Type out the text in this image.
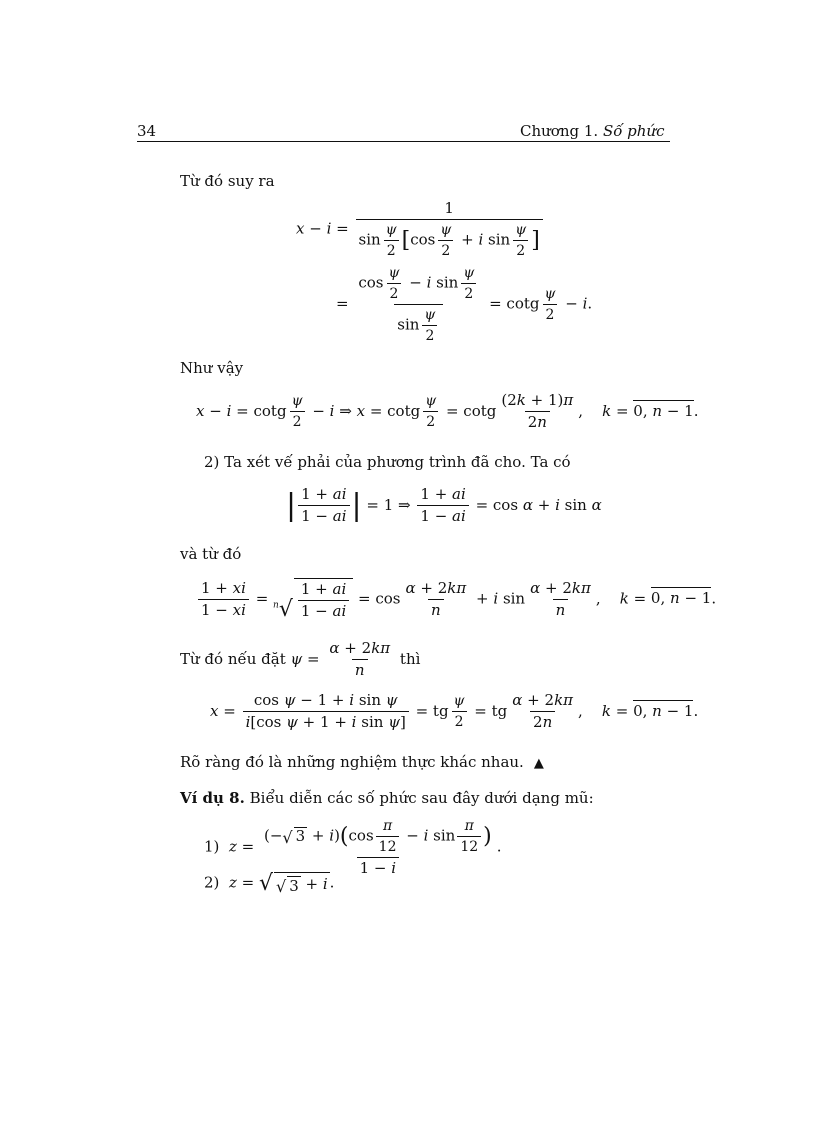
34	Chương 1. Số phức
Từ đó suy ra
$x - i = \frac{1}{\sin \frac{\psi}{2} [\cos \frac{\psi}{2} + i \sin \frac{\psi}{2} ]}$
= $\frac{\cos \frac{\psi}{2} - i \sin \frac{\psi}{2}}{\sin \frac{\psi}{2}} = \cot g \frac{\psi}{2} - i$.
Như vậy
x − i = cotg $\frac{\psi}{2} - i$ ⇒ x = cotg $\frac{\psi}{2} = \cot g \frac{(2k + 1)\pi}{2n}$ ,    k = 0, n − 1.
2) Ta xét vế phải của phương trình đã cho. Ta có
| $\frac{1 + ai}{1 - ai}$ | = 1 ⇒ $\frac{1 + ai}{1 - ai} = \cos \alpha + i$ sin α
và từ đó
$\frac{1 + xi}{1 - xi} = ^n√ \frac{1 + ai}{1 - ai} = \cos \frac{\alpha + 2k\pi}{n} + i$ $\sin \frac{\alpha + 2k\pi}{n}$ ,    k = 0, n − 1.
Từ đó nếu đặt $\psi = \frac{\alpha + 2k\pi}{n}$ thì
$x = \frac{\text{cos ψ − 1 + i sin ψ}}{\text{i[cos ψ + 1 + i sin ψ]}}$ = tg $\frac{\psi}{2}$ = tg $\frac{\alpha + 2k\pi}{2n}$ ,    k = 0, n − 1.
Rõ ràng đó là những nghiệm thực khác nhau. ▲
Ví dụ 8. Biểu diễn các số phức sau đây dưới dạng mũ:
1) $z = \frac{(- √ 3 + i)(\cos \frac{\pi}{12} - i \sin \frac{\pi}{12} )}{1 - i}$ .
2) z = √ √ 3 + i .
